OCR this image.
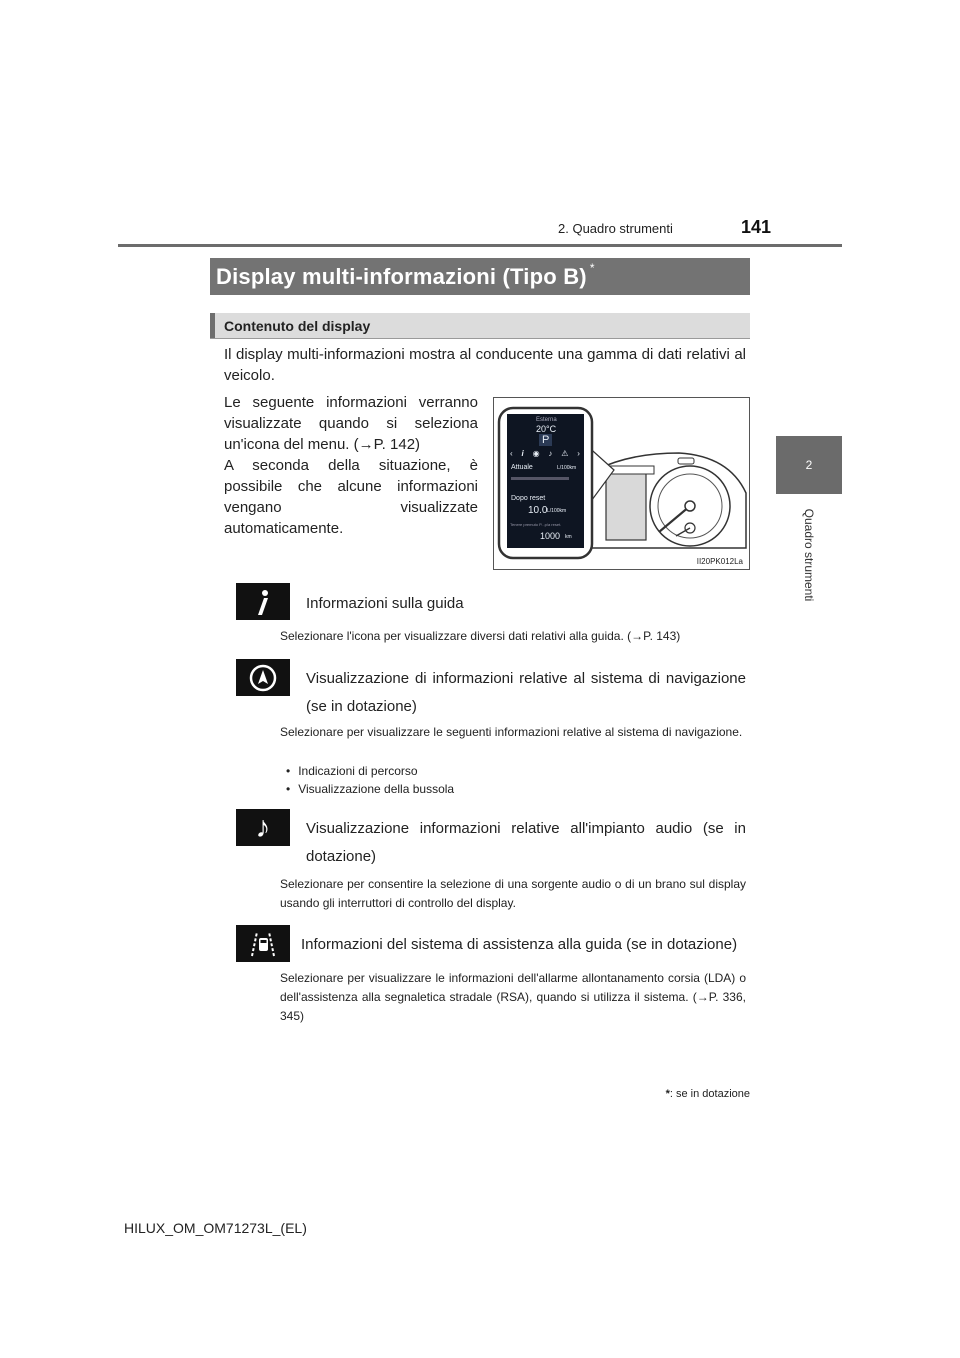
2. Quadro strumenti	141
2
Quadro strumenti
Display multi-informazioni (Tipo B) *
Contenuto del display
Il display multi-informazioni mostra al conducente una gamma di dati relativi al veicolo.
Le seguente informazioni verranno visualizzate quando si seleziona un'icona del menu. (→P. 142)
A seconda della situazione, è possibile che alcune informazioni vengano visualizzate automaticamente.
Esterna
20°C
P
‹ i ◉ ♪ ⚠ ›
Attuale	L/100km
Dopo reset
10.0 L/100km
Tenere premuto P...p/a reset.
1000 km
II20PK012La
Informazioni sulla guida
Selezionare l'icona per visualizzare diversi dati relativi alla guida. (→P. 143)
Visualizzazione di informazioni relative al sistema di navigazione (se in dotazione)
Selezionare per visualizzare le seguenti informazioni relative al sistema di navigazione.
• Indicazioni di percorso
• Visualizzazione della bussola
♪ Visualizzazione informazioni relative all'impianto audio (se in dotazione)
Selezionare per consentire la selezione di una sorgente audio o di un brano sul display usando gli interruttori di controllo del display.
Informazioni del sistema di assistenza alla guida (se in dotazione)
Selezionare per visualizzare le informazioni dell'allarme allontanamento corsia (LDA) o dell'assistenza alla segnaletica stradale (RSA), quando si utilizza il sistema. (→P. 336, 345)
*: se in dotazione
HILUX_OM_OM71273L_(EL)
